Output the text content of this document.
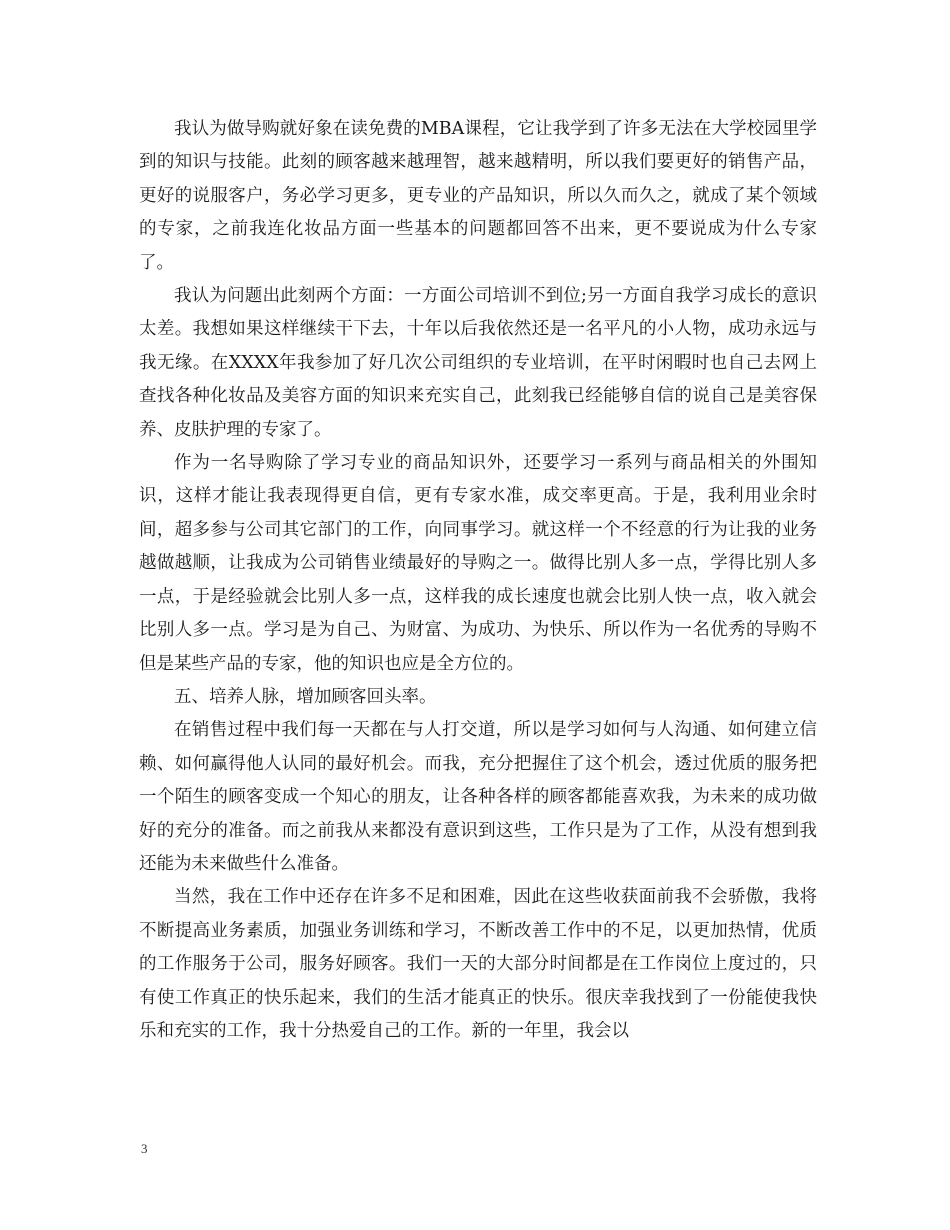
我认为做导购就好象在读免费的MBA课程，它让我学到了许多无法在大学校园里学到的知识与技能。此刻的顾客越来越理智，越来越精明，所以我们要更好的销售产品，更好的说服客户，务必学习更多，更专业的产品知识，所以久而久之，就成了某个领域的专家，之前我连化妆品方面一些基本的问题都回答不出来，更不要说成为什么专家了。

我认为问题出此刻两个方面：一方面公司培训不到位;另一方面自我学习成长的意识太差。我想如果这样继续干下去，十年以后我依然还是一名平凡的小人物，成功永远与我无缘。在XXXX年我参加了好几次公司组织的专业培训，在平时闲暇时也自己去网上查找各种化妆品及美容方面的知识来充实自己，此刻我已经能够自信的说自己是美容保养、皮肤护理的专家了。

作为一名导购除了学习专业的商品知识外，还要学习一系列与商品相关的外围知识，这样才能让我表现得更自信，更有专家水准，成交率更高。于是，我利用业余时间，超多参与公司其它部门的工作，向同事学习。就这样一个不经意的行为让我的业务越做越顺，让我成为公司销售业绩最好的导购之一。做得比别人多一点，学得比别人多一点，于是经验就会比别人多一点，这样我的成长速度也就会比别人快一点，收入就会比别人多一点。学习是为自己、为财富、为成功、为快乐、所以作为一名优秀的导购不但是某些产品的专家，他的知识也应是全方位的。

五、培养人脉，增加顾客回头率。

在销售过程中我们每一天都在与人打交道，所以是学习如何与人沟通、如何建立信赖、如何赢得他人认同的最好机会。而我，充分把握住了这个机会，透过优质的服务把一个陌生的顾客变成一个知心的朋友，让各种各样的顾客都能喜欢我，为未来的成功做好的充分的准备。而之前我从来都没有意识到这些，工作只是为了工作，从没有想到我还能为未来做些什么准备。

当然，我在工作中还存在许多不足和困难，因此在这些收获面前我不会骄傲，我将不断提高业务素质，加强业务训练和学习，不断改善工作中的不足，以更加热情，优质的工作服务于公司，服务好顾客。我们一天的大部分时间都是在工作岗位上度过的，只有使工作真正的快乐起来，我们的生活才能真正的快乐。很庆幸我找到了一份能使我快乐和充实的工作，我十分热爱自己的工作。新的一年里，我会以

3
